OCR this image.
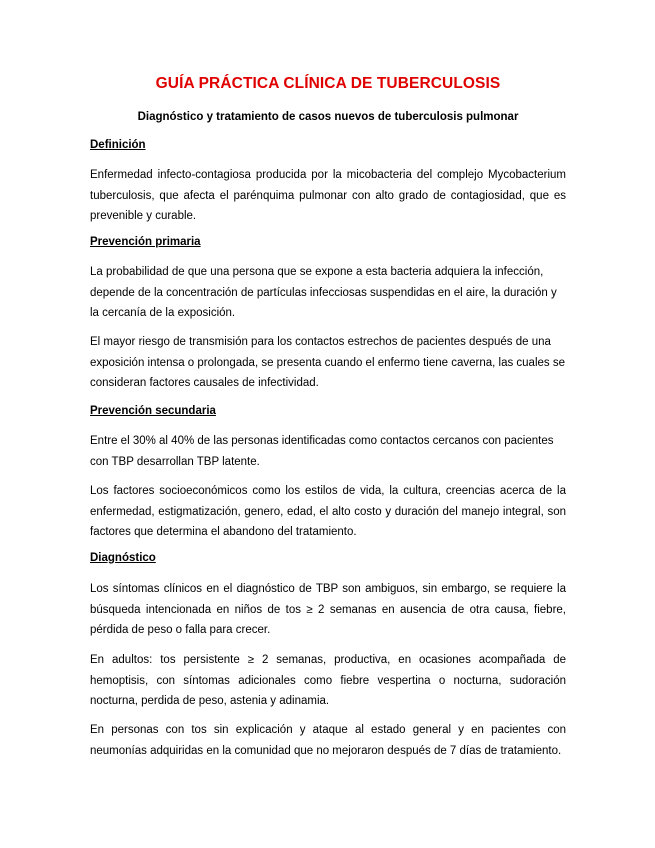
GUÍA PRÁCTICA CLÍNICA DE TUBERCULOSIS
Diagnóstico y tratamiento de casos nuevos de tuberculosis pulmonar
Definición

Enfermedad infecto-contagiosa producida por la micobacteria del complejo Mycobacterium tuberculosis, que afecta el parénquima pulmonar con alto grado de contagiosidad, que es prevenible y curable.

Prevención primaria

La probabilidad de que una persona que se expone a esta bacteria adquiera la infección, depende de la concentración de partículas infecciosas suspendidas en el aire, la duración y la cercanía de la exposición.

El mayor riesgo de transmisión para los contactos estrechos de pacientes después de una exposición intensa o prolongada, se presenta cuando el enfermo tiene caverna, las cuales se consideran factores causales de infectividad.

Prevención secundaria

Entre el 30% al 40% de las personas identificadas como contactos cercanos con pacientes con TBP desarrollan TBP latente.

Los factores socioeconómicos como los estilos de vida, la cultura, creencias acerca de la enfermedad, estigmatización, genero, edad, el alto costo y duración del manejo integral, son factores que determina el abandono del tratamiento.

Diagnóstico

Los síntomas clínicos en el diagnóstico de TBP son ambiguos, sin embargo, se requiere la búsqueda intencionada en niños de tos ≥ 2 semanas en ausencia de otra causa, fiebre, pérdida de peso o falla para crecer.

En adultos: tos persistente ≥ 2 semanas, productiva, en ocasiones acompañada de hemoptisis, con síntomas adicionales como fiebre vespertina o nocturna, sudoración nocturna, perdida de peso, astenia y adinamia.

En personas con tos sin explicación y ataque al estado general y en pacientes con neumonías adquiridas en la comunidad que no mejoraron después de 7 días de tratamiento.
